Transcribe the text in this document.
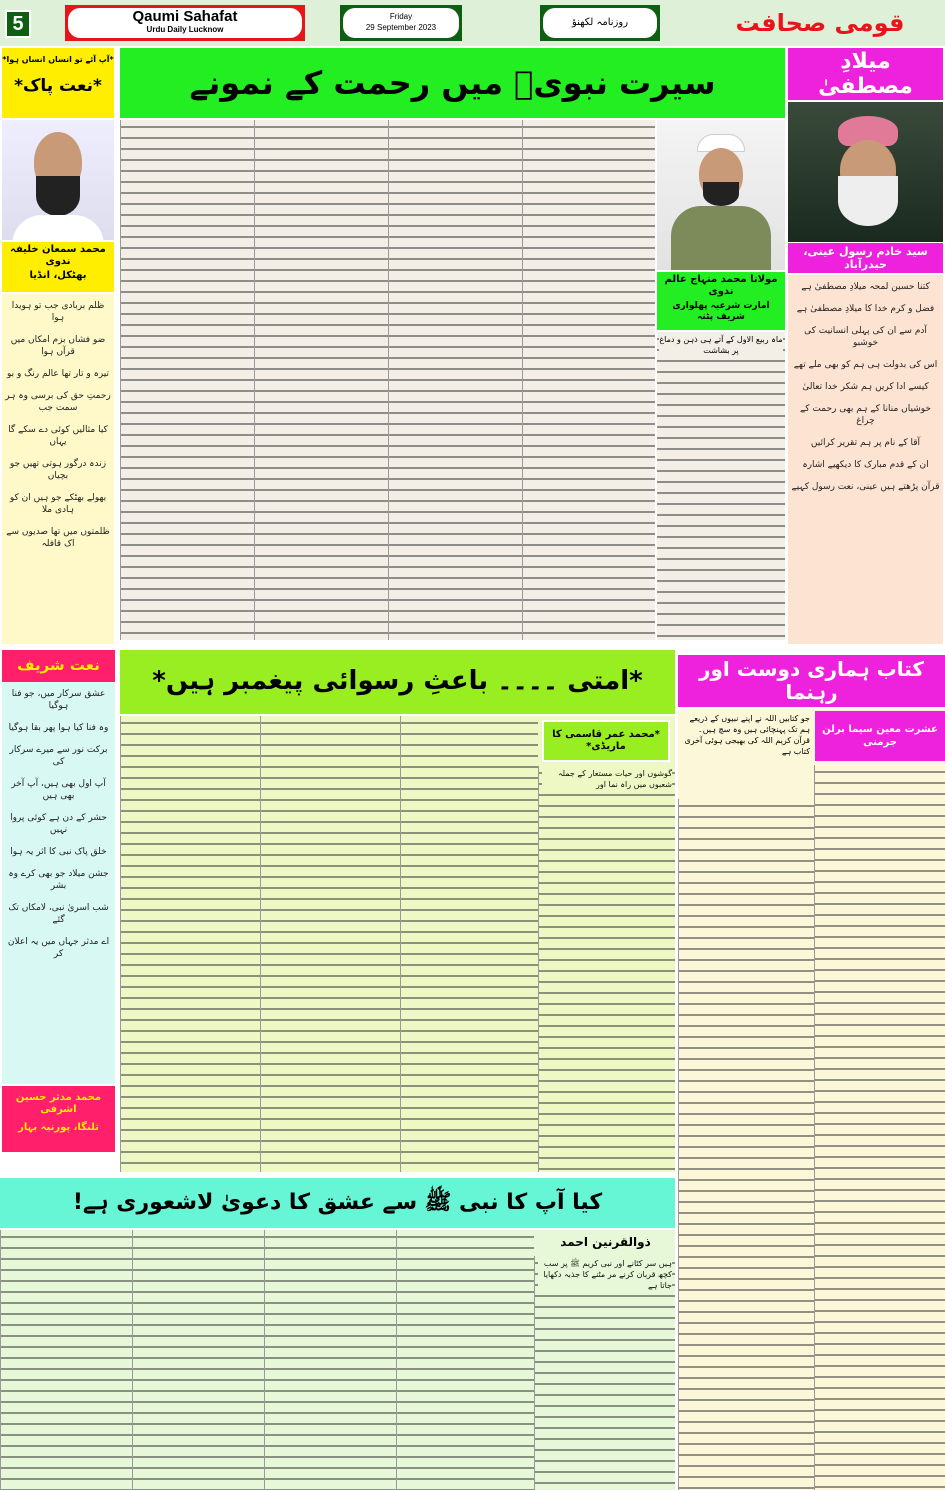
5	Qaumi Sahafat
Urdu Daily Lucknow
Friday
29 September 2023	روزنامہ لکھنؤ	قومی صحافت
*آپ آئے تو انساں انساں ہوا*
*نعت پاک*
محمد سمعان خلیفہ ندوی
بھٹکل، انڈیا
ظلم بربادی جب تو ہویدا ہوا
ضو فشاں بزم امکاں میں قرآں ہوا
تیرہ و تار تھا عالم رنگ و بو
رحمتِ حق کی برسی وہ ہر سمت جب
کیا مثالیں کوئی دے سکے گا یہاں
زندہ درگور ہوتی تھیں جو بچیاں
بھولے بھٹکے جو ہیں ان کو ہادی ملا
ظلمتوں میں تھا صدیوں سے اک قافلہ
سیرت نبویؐ میں رحمت کے نمونے
مولانا محمد منہاج عالم ندوی
امارت شرعیہ پھلواری شریف پٹنہ
ماہ ربیع الاول کے آتے ہی ذہن و دماغ پر بشاشت
میلادِ مصطفیٰ
سید خادم رسول عینی، حیدرآباد
کتنا حسین لمحہ میلادِ مصطفیٰ ہے
فضل و کرم خدا کا میلادِ مصطفیٰ ہے
آدم سے ان کی پہلی انسانیت کی خوشبو
اس کی بدولت ہی ہم کو بھی ملے تھے
کیسے ادا کریں ہم شکر خدا تعالیٰ
خوشیاں منانا کے ہم بھی رحمت کے چراغ
آقا کے نام پر ہم تقریر کرائیں
ان کے قدم مبارک کا دیکھیے اشارہ
قرآن پڑھتے ہیں عینی، نعت رسول کہیے
نعت شریف
عشق سرکار میں، جو فنا ہوگیا
وہ فنا کیا ہوا پھر بقا ہوگیا
برکت نور سے میرے سرکار کی
آپ اول بھی ہیں، آپ آخر بھی ہیں
حشر کے دن ہے کوئی پروا نہیں
خلق پاک نبی کا اثر یہ ہوا
جشن میلاد جو بھی کرے وہ بشر
شب اسریٰ نبی، لامکاں تک گئے
اے مدثر جہاں میں یہ اعلان کر
محمد مدثر حسین اشرفی
تلنگا، پورنیہ بہار
*امتی ۔۔۔۔ باعثِ رسوائی پیغمبر ہیں*
گوشوں اور حیات مستعار کے جملہ شعبوں میں راہ نما اور
*محمد عمر قاسمی کا ماریڈی*
کتاب ہماری دوست اور رہنما
عشرت معین سیما برلن جرمنی
جو کتابیں اللہ نے اپنے نبیوں کے ذریعے ہم تک پہنچائی ہیں وہ سچ ہیں۔ قرآن کریم اللہ کی بھیجی ہوئی آخری کتاب ہے
کیا آپ کا نبی ﷺ سے عشق کا دعویٰ لاشعوری ہے!
ہیں سر کٹانے اور نبی کریم ﷺ پر سب کچھ قربان کرنے مر مٹنے کا جذبہ دکھایا جاتا ہے
ذوالقرنین احمد
